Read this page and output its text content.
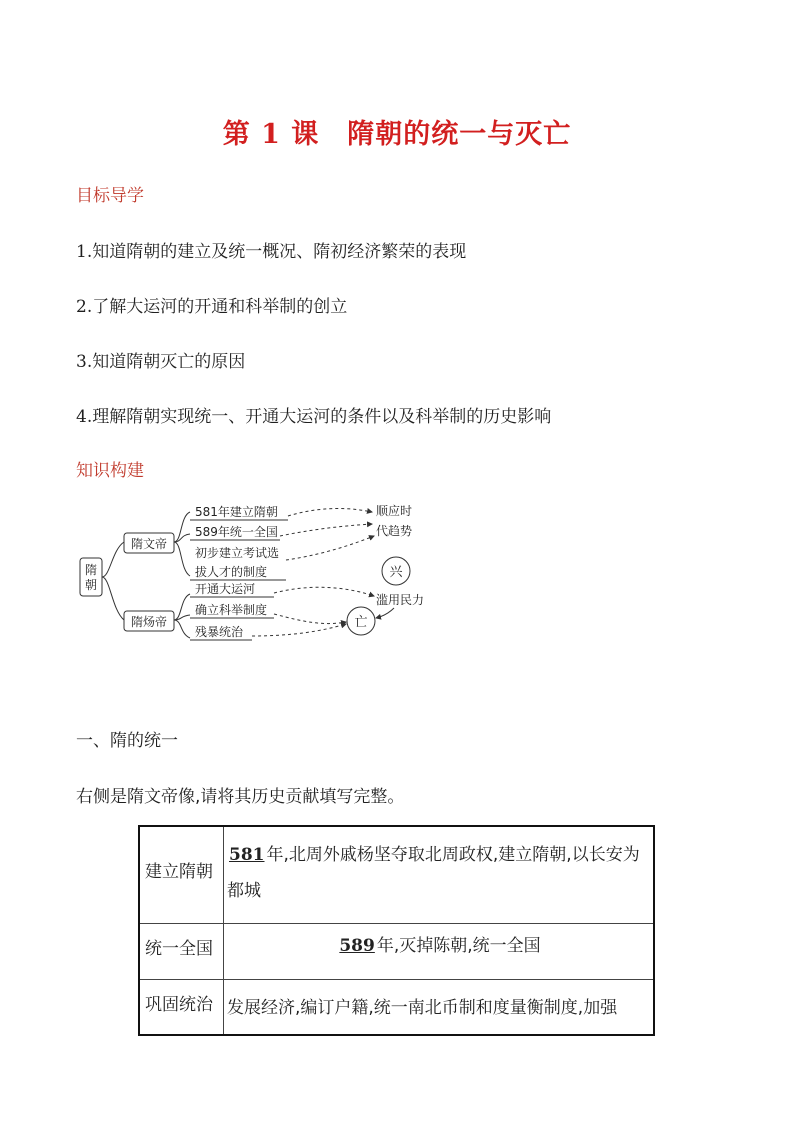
第 1 课　隋朝的统一与灭亡
目标导学
1.知道隋朝的建立及统一概况、隋初经济繁荣的表现
2.了解大运河的开通和科举制的创立
3.知道隋朝灭亡的原因
4.理解隋朝实现统一、开通大运河的条件以及科举制的历史影响
知识构建
隋
朝
隋文帝
隋炀帝
581年建立隋朝
589年统一全国
初步建立考试选
拔人才的制度
开通大运河
确立科举制度
残暴统治
顺应时
代趋势
兴
滥用民力
亡
一、隋的统一
右侧是隋文帝像,请将其历史贡献填写完整。
建立隋朝	581 年,北周外戚杨坚夺取北周政权,建立隋朝,以长安为都城
统一全国	589 年,灭掉陈朝,统一全国
巩固统治	发展经济,编订户籍,统一南北币制和度量衡制度,加强
